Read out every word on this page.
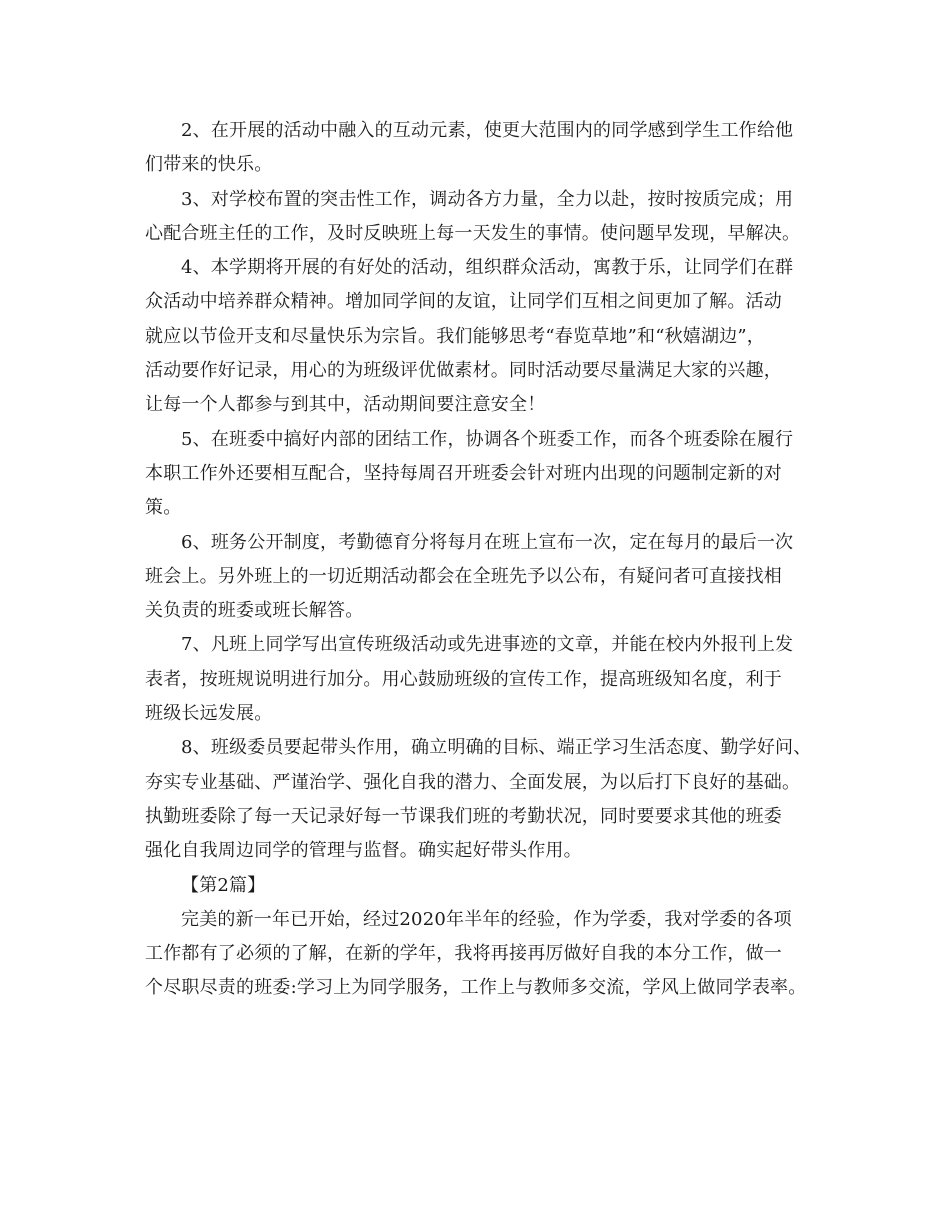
2、在开展的活动中融入的互动元素，使更大范围内的同学感到学生工作给他
们带来的快乐。

3、对学校布置的突击性工作，调动各方力量，全力以赴，按时按质完成；用
心配合班主任的工作，及时反映班上每一天发生的事情。使问题早发现，早解决。

4、本学期将开展的有好处的活动，组织群众活动，寓教于乐，让同学们在群
众活动中培养群众精神。增加同学间的友谊，让同学们互相之间更加了解。活动
就应以节俭开支和尽量快乐为宗旨。我们能够思考“春览草地”和“秋嬉湖边”，
活动要作好记录，用心的为班级评优做素材。同时活动要尽量满足大家的兴趣，
让每一个人都参与到其中，活动期间要注意安全！

5、在班委中搞好内部的团结工作，协调各个班委工作，而各个班委除在履行
本职工作外还要相互配合，坚持每周召开班委会针对班内出现的问题制定新的对
策。

6、班务公开制度，考勤德育分将每月在班上宣布一次，定在每月的最后一次
班会上。另外班上的一切近期活动都会在全班先予以公布，有疑问者可直接找相
关负责的班委或班长解答。

7、凡班上同学写出宣传班级活动或先进事迹的文章，并能在校内外报刊上发
表者，按班规说明进行加分。用心鼓励班级的宣传工作，提高班级知名度，利于
班级长远发展。

8、班级委员要起带头作用，确立明确的目标、端正学习生活态度、勤学好问、
夯实专业基础、严谨治学、强化自我的潜力、全面发展，为以后打下良好的基础。
执勤班委除了每一天记录好每一节课我们班的考勤状况，同时要要求其他的班委
强化自我周边同学的管理与监督。确实起好带头作用。

【第2篇】

完美的新一年已开始，经过2020年半年的经验，作为学委，我对学委的各项
工作都有了必须的了解，在新的学年，我将再接再厉做好自我的本分工作，做一
个尽职尽责的班委:学习上为同学服务，工作上与教师多交流，学风上做同学表率。
